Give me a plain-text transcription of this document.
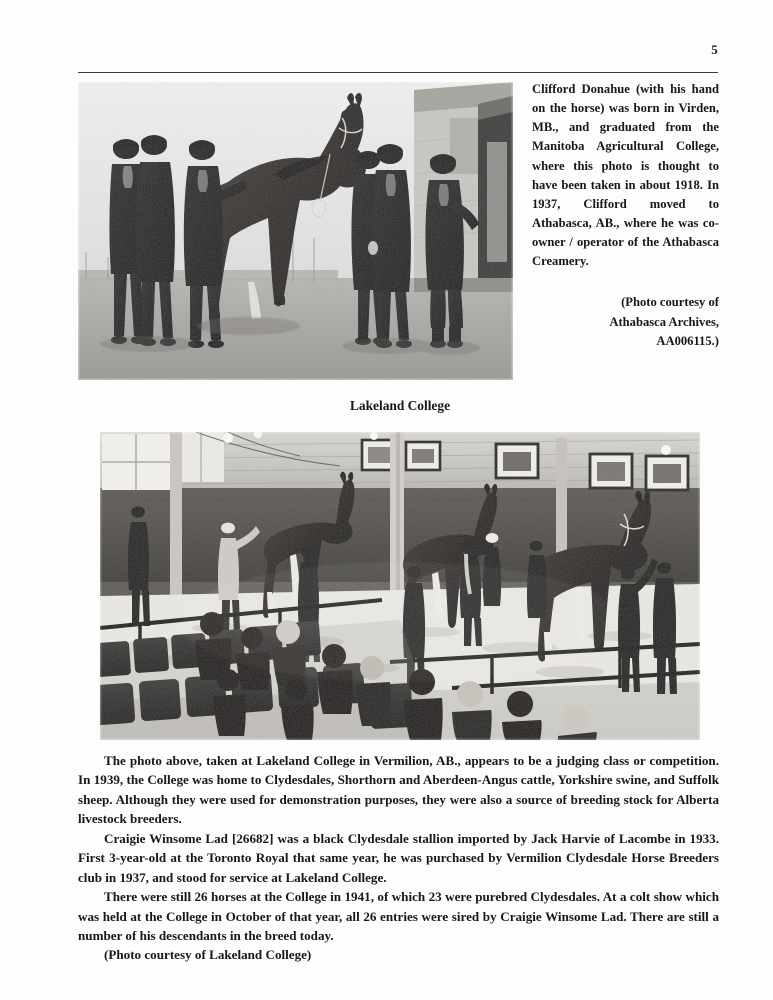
5
Clifford Donahue (with his hand on the horse) was born in Virden, MB., and graduated from the Manitoba Agricultural College, where this photo is thought to have been taken in about 1918. In 1937, Clifford moved to Athabasca, AB., where he was co-owner / operator of the Athabasca Creamery.
(Photo courtesy of
Athabasca Archives,
AA006115.)
Lakeland College

The photo above, taken at Lakeland College in Vermilion, AB., appears to be a judging class or competition. In 1939, the College was home to Clydesdales, Shorthorn and Aberdeen-Angus cattle, Yorkshire swine, and Suffolk sheep. Although they were used for demonstration purposes, they were also a source of breeding stock for Alberta livestock breeders.

Craigie Winsome Lad [26682] was a black Clydesdale stallion imported by Jack Harvie of Lacombe in 1933. First 3-year-old at the Toronto Royal that same year, he was purchased by Vermilion Clydesdale Horse Breeders club in 1937, and stood for service at Lakeland College.

There were still 26 horses at the College in 1941, of which 23 were purebred Clydesdales. At a colt show which was held at the College in October of that year, all 26 entries were sired by Craigie Winsome Lad. There are still a number of his descendants in the breed today.

(Photo courtesy of Lakeland College)
